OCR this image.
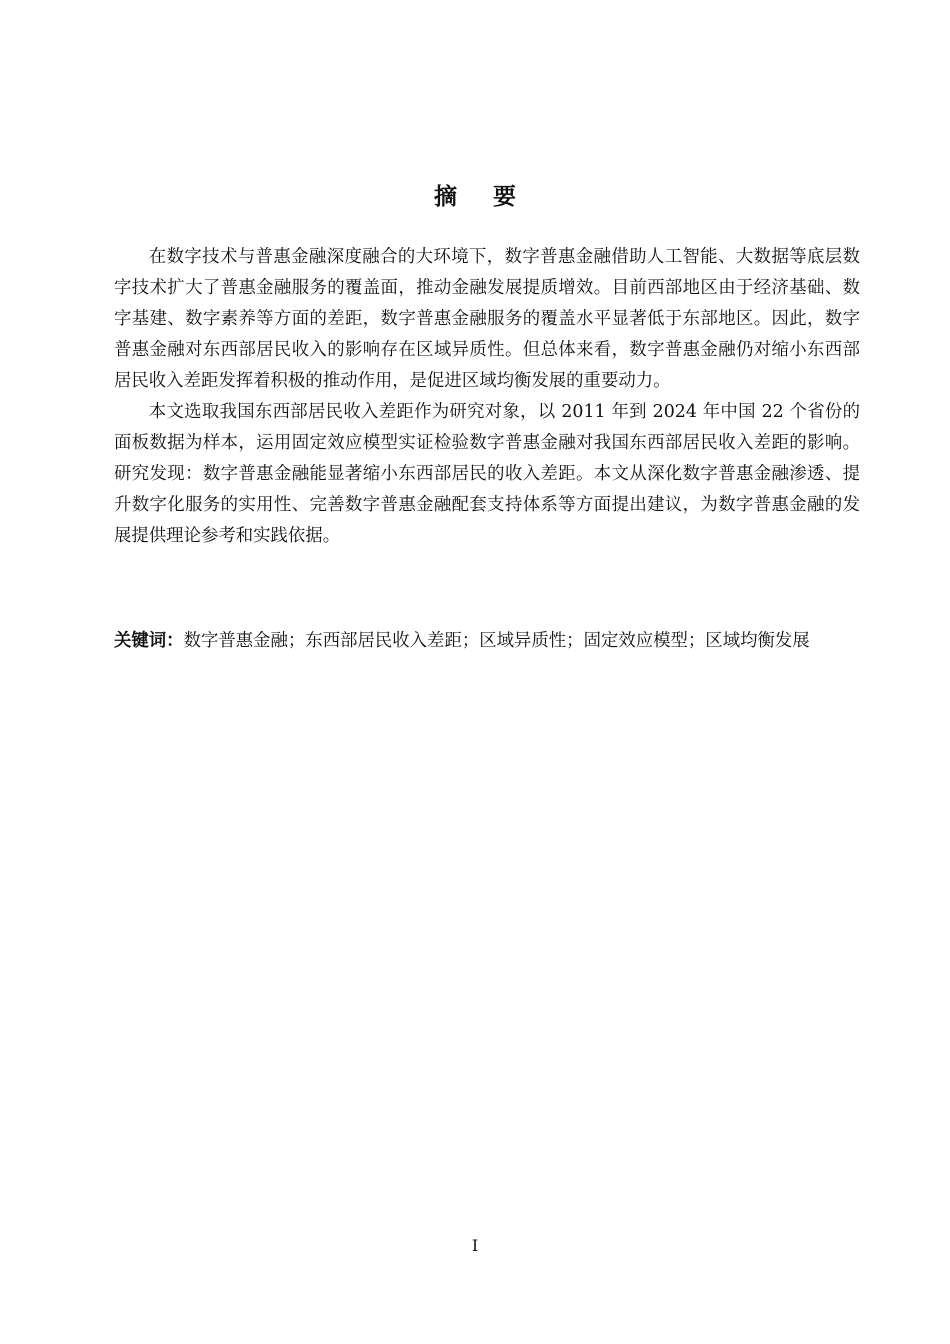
摘要

在数字技术与普惠金融深度融合的大环境下，数字普惠金融借助人工智能、大数据等底层数字技术扩大了普惠金融服务的覆盖面，推动金融发展提质增效。目前西部地区由于经济基础、数字基建、数字素养等方面的差距，数字普惠金融服务的覆盖水平显著低于东部地区。因此，数字普惠金融对东西部居民收入的影响存在区域异质性。但总体来看，数字普惠金融仍对缩小东西部居民收入差距发挥着积极的推动作用，是促进区域均衡发展的重要动力。

本文选取我国东西部居民收入差距作为研究对象，以 2011 年到 2024 年中国 22 个省份的面板数据为样本，运用固定效应模型实证检验数字普惠金融对我国东西部居民收入差距的影响。研究发现：数字普惠金融能显著缩小东西部居民的收入差距。本文从深化数字普惠金融渗透、提升数字化服务的实用性、完善数字普惠金融配套支持体系等方面提出建议，为数字普惠金融的发展提供理论参考和实践依据。

关键词：数字普惠金融；东西部居民收入差距；区域异质性；固定效应模型；区域均衡发展
I
